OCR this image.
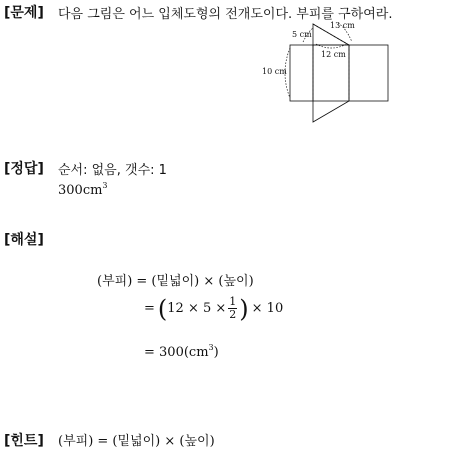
[문제] 다음 그림은 어느 입체도형의 전개도이다. 부피를 구하여라.
13 cm
5 cm
12 cm
10 cm
[정답] 순서: 없음, 갯수: 1
$300cm^3$
[해설]
(부피) = (밑넓이) × (높이)
= ( $12 \times 5 \times \frac{1}{2}$ ) × 10
= $300(cm^3)$
[힌트] (부피) = (밑넓이) × (높이)
